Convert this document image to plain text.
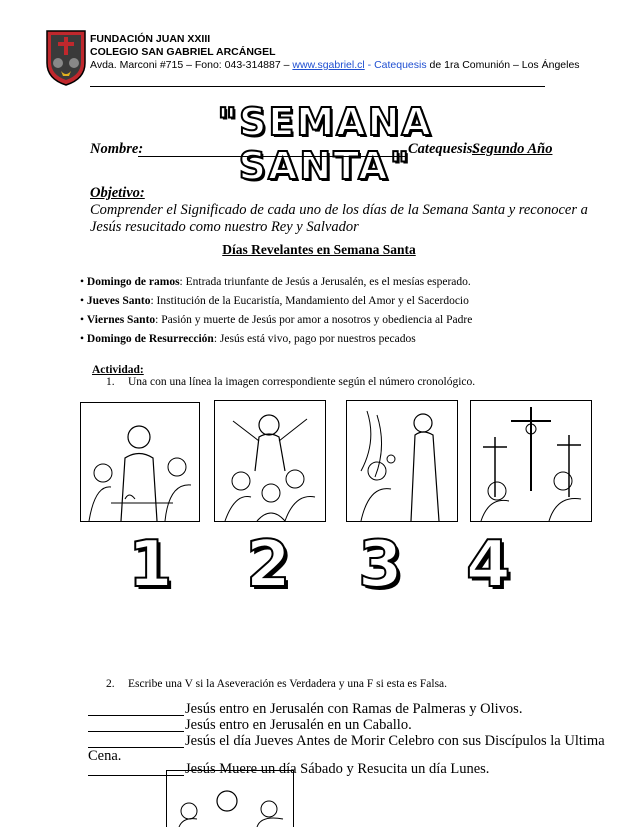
FUNDACIÓN JUAN XXIII
COLEGIO SAN GABRIEL ARCÁNGEL
Avda. Marconi #715 – Fono: 043-314887 – www.sgabriel.cl - Catequesis de 1ra Comunión – Los Ángeles
"SEMANA SANTA"
Nombre:	Catequesis:
Segundo Año
Objetivo:
Comprender el Significado de cada uno de los días de la Semana Santa y reconocer a
Jesús resucitado como nuestro Rey y Salvador
Días Revelantes en Semana Santa
• Domingo de ramos: Entrada triunfante de Jesús a Jerusalén, es el mesías esperado.
• Jueves Santo: Institución de la Eucaristía, Mandamiento del Amor y el Sacerdocio
• Viernes Santo: Pasión y muerte de Jesús por amor a nosotros y obediencia al Padre
• Domingo de Resurrección: Jesús está vivo, pago por nuestros pecados
Actividad:
1. Una con una línea la imagen correspondiente según el número cronológico.
1 2 3 4
2. Escribe una V si la Aseveración es Verdadera y una F si esta es Falsa.
Jesús entro en Jerusalén con Ramas de Palmeras y Olivos.
Jesús entro en Jerusalén en un Caballo.
Jesús el día Jueves Antes de Morir Celebro con sus Discípulos la Ultima
Cena.
Jesús Muere un día Sábado y Resucita un día Lunes.
